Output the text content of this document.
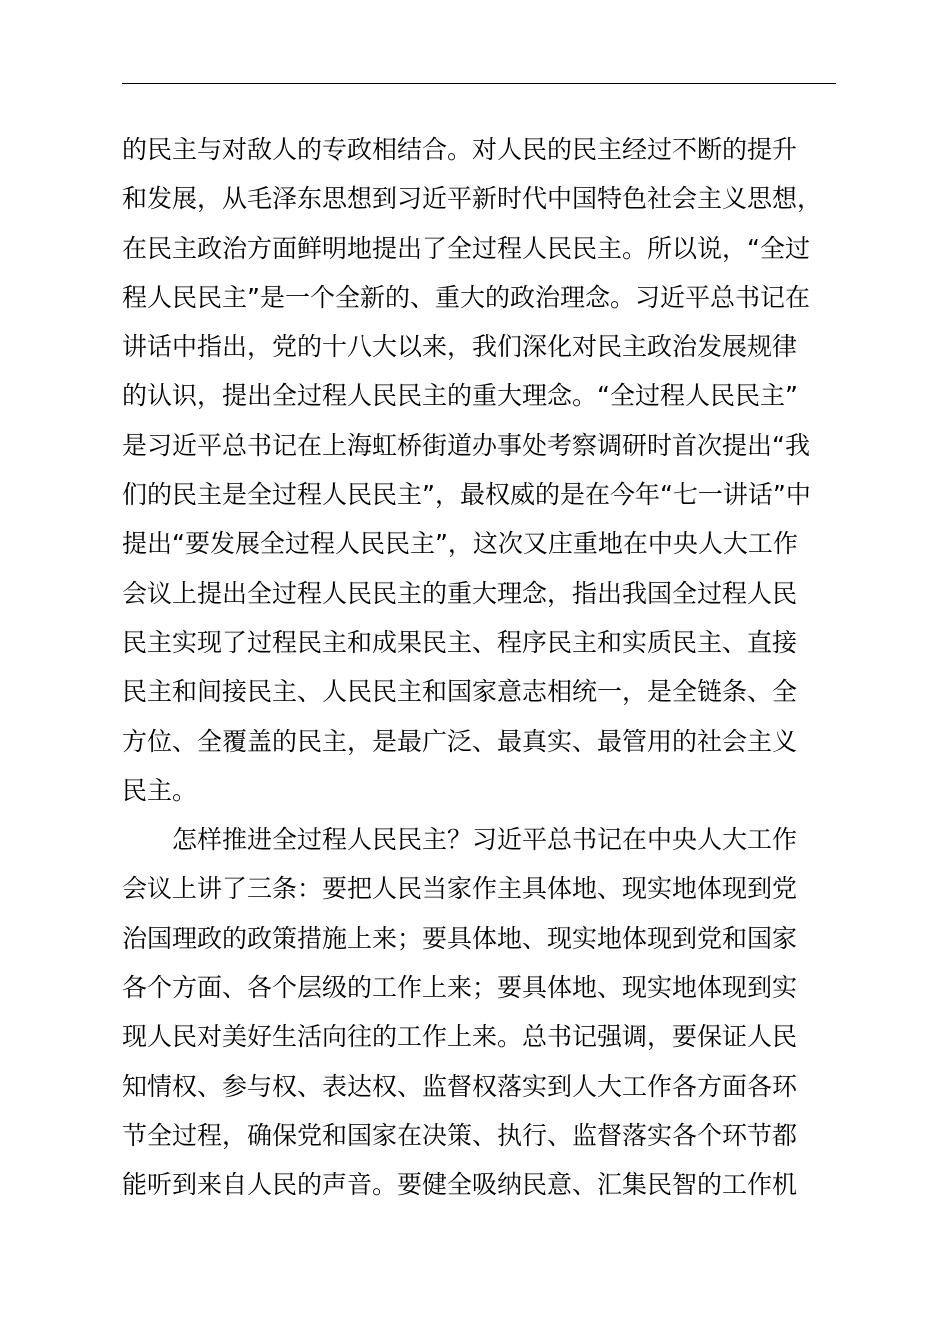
的民主与对敌人的专政相结合。对人民的民主经过不断的提升
和发展，从毛泽东思想到习近平新时代中国特色社会主义思想，
在民主政治方面鲜明地提出了全过程人民民主。所以说，“全过
程人民民主”是一个全新的、重大的政治理念。习近平总书记在
讲话中指出，党的十八大以来，我们深化对民主政治发展规律
的认识，提出全过程人民民主的重大理念。“全过程人民民主”
是习近平总书记在上海虹桥街道办事处考察调研时首次提出“我
们的民主是全过程人民民主”，最权威的是在今年“七一讲话”中
提出“要发展全过程人民民主”，这次又庄重地在中央人大工作
会议上提出全过程人民民主的重大理念，指出我国全过程人民
民主实现了过程民主和成果民主、程序民主和实质民主、直接
民主和间接民主、人民民主和国家意志相统一，是全链条、全
方位、全覆盖的民主，是最广泛、最真实、最管用的社会主义
民主。
怎样推进全过程人民民主？习近平总书记在中央人大工作
会议上讲了三条：要把人民当家作主具体地、现实地体现到党
治国理政的政策措施上来；要具体地、现实地体现到党和国家
各个方面、各个层级的工作上来；要具体地、现实地体现到实
现人民对美好生活向往的工作上来。总书记强调，要保证人民
知情权、参与权、表达权、监督权落实到人大工作各方面各环
节全过程，确保党和国家在决策、执行、监督落实各个环节都
能听到来自人民的声音。要健全吸纳民意、汇集民智的工作机
